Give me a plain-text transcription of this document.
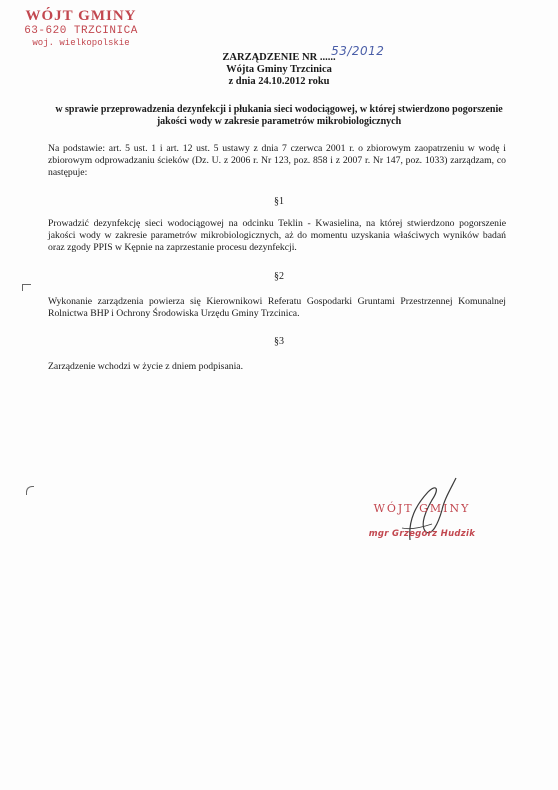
WÓJT GMINY
63-620 TRZCINICA
woj. wielkopolskie
ZARZĄDZENIE NR ......
53/2012
Wójta Gminy Trzcinica
z dnia 24.10.2012 roku
w sprawie przeprowadzenia dezynfekcji i płukania sieci wodociągowej, w której stwierdzono pogorszenie jakości wody w zakresie parametrów mikrobiologicznych
Na podstawie: art. 5 ust. 1 i art. 12 ust. 5 ustawy z dnia 7 czerwca 2001 r. o zbiorowym zaopatrzeniu w wodę i zbiorowym odprowadzaniu ścieków (Dz. U. z 2006 r. Nr 123, poz. 858 i z 2007 r. Nr 147, poz. 1033) zarządzam, co następuje:
§1
Prowadzić dezynfekcję sieci wodociągowej na odcinku Teklin - Kwasielina, na której stwierdzono pogorszenie jakości wody w zakresie parametrów mikrobiologicznych, aż do momentu uzyskania właściwych wyników badań oraz zgody PPIS w Kępnie na zaprzestanie procesu dezynfekcji.
§2
Wykonanie zarządzenia powierza się Kierownikowi Referatu Gospodarki Gruntami Przestrzennej Komunalnej Rolnictwa BHP i Ochrony Środowiska Urzędu Gminy Trzcinica.
§3
Zarządzenie wchodzi w życie z dniem podpisania.
WÓJT GMINY
mgr Grzegorz Hudzik
